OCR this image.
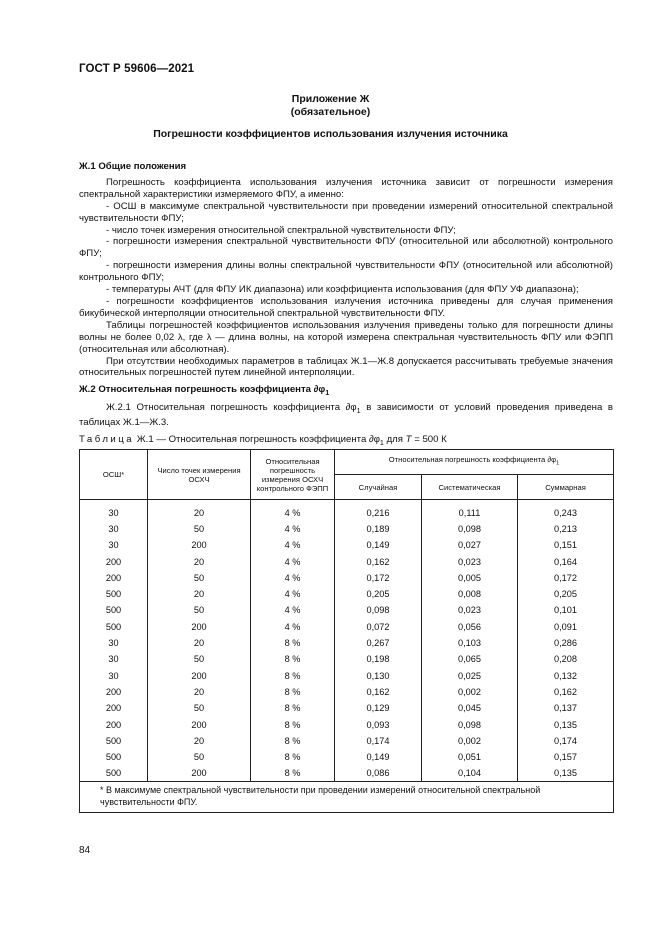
ГОСТ Р 59606—2021
Приложение Ж
(обязательное)
Погрешности коэффициентов использования излучения источника
Ж.1 Общие положения
Погрешность коэффициента использования излучения источника зависит от погрешности измерения спектральной характеристики измеряемого ФПУ, а именно:
- ОСШ в максимуме спектральной чувствительности при проведении измерений относительной спектральной чувствительности ФПУ;
- число точек измерения относительной спектральной чувствительности ФПУ;
- погрешности измерения спектральной чувствительности ФПУ (относительной или абсолютной) контрольного ФПУ;
- погрешности измерения длины волны спектральной чувствительности ФПУ (относительной или абсолютной) контрольного ФПУ;
- температуры АЧТ (для ФПУ ИК диапазона) или коэффициента использования (для ФПУ УФ диапазона);
- погрешности коэффициентов использования излучения источника приведены для случая применения бикубической интерполяции относительной спектральной чувствительности ФПУ.
Таблицы погрешностей коэффициентов использования излучения приведены только для погрешности длины волны не более 0,02 λ, где λ — длина волны, на которой измерена спектральная чувствительность ФПУ или ФЭПП (относительная или абсолютная).
При отсутствии необходимых параметров в таблицах Ж.1—Ж.8 допускается рассчитывать требуемые значения относительных погрешностей путем линейной интерполяции.
Ж.2 Относительная погрешность коэффициента $\partial\varphi_1$
Ж.2.1 Относительная погрешность коэффициента $\partial\varphi_1$ в зависимости от условий проведения приведена в таблицах Ж.1—Ж.3.
Таблица Ж.1 — Относительная погрешность коэффициента $\partial\varphi_1$ для T = 500 К
ОСШ*	Число точек измерения ОСХЧ	Относительная погрешность измерения ОСХЧ контрольного ФЭПП	Относительная погрешность коэффициента $\partial\varphi_1$
			Случайная	Систематическая	Суммарная

30	20	4 %	0,216	0,111	0,243
30	50	4 %	0,189	0,098	0,213
30	200	4 %	0,149	0,027	0,151
200	20	4 %	0,162	0,023	0,164
200	50	4 %	0,172	0,005	0,172
500	20	4 %	0,205	0,008	0,205
500	50	4 %	0,098	0,023	0,101
500	200	4 %	0,072	0,056	0,091
30	20	8 %	0,267	0,103	0,286
30	50	8 %	0,198	0,065	0,208
30	200	8 %	0,130	0,025	0,132
200	20	8 %	0,162	0,002	0,162
200	50	8 %	0,129	0,045	0,137
200	200	8 %	0,093	0,098	0,135
500	20	8 %	0,174	0,002	0,174
500	50	8 %	0,149	0,051	0,157
500	200	8 %	0,086	0,104	0,135
* В максимуме спектральной чувствительности при проведении измерений относительной спектральной чувствительности ФПУ.					
84
